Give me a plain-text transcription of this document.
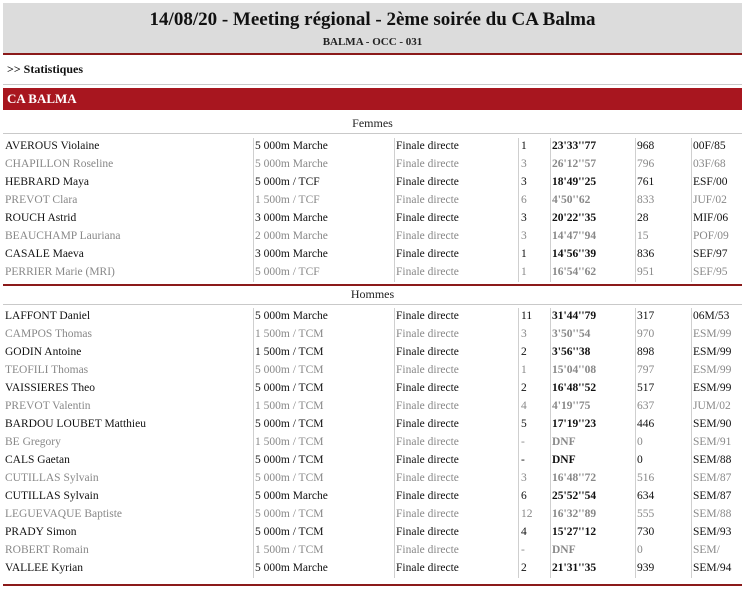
14/08/20 - Meeting régional - 2ème soirée du CA Balma
BALMA - OCC - 031
>> Statistiques
CA BALMA
Femmes
AVEROUS Violaine	5 000m Marche	Finale directe	1	23'33''77	968	00F/85
CHAPILLON Roseline	5 000m Marche	Finale directe	3	26'12''57	796	03F/68
HEBRARD Maya	5 000m / TCF	Finale directe	3	18'49''25	761	ESF/00
PREVOT Clara	1 500m / TCF	Finale directe	6	4'50''62	833	JUF/02
ROUCH Astrid	3 000m Marche	Finale directe	3	20'22''35	28	MIF/06
BEAUCHAMP Lauriana	2 000m Marche	Finale directe	3	14'47''94	15	POF/09
CASALE Maeva	3 000m Marche	Finale directe	1	14'56''39	836	SEF/97
PERRIER Marie (MRI)	5 000m / TCF	Finale directe	1	16'54''62	951	SEF/95
Hommes
LAFFONT Daniel	5 000m Marche	Finale directe	11	31'44''79	317	06M/53
CAMPOS Thomas	1 500m / TCM	Finale directe	3	3'50''54	970	ESM/99
GODIN Antoine	1 500m / TCM	Finale directe	2	3'56''38	898	ESM/99
TEOFILI Thomas	5 000m / TCM	Finale directe	1	15'04''08	797	ESM/99
VAISSIERES Theo	5 000m / TCM	Finale directe	2	16'48''52	517	ESM/99
PREVOT Valentin	1 500m / TCM	Finale directe	4	4'19''75	637	JUM/02
BARDOU LOUBET Matthieu	5 000m / TCM	Finale directe	5	17'19''23	446	SEM/90
BE Gregory	1 500m / TCM	Finale directe	-	DNF	0	SEM/91
CALS Gaetan	5 000m / TCM	Finale directe	-	DNF	0	SEM/88
CUTILLAS Sylvain	5 000m / TCM	Finale directe	3	16'48''72	516	SEM/87
CUTILLAS Sylvain	5 000m Marche	Finale directe	6	25'52''54	634	SEM/87
LEGUEVAQUE Baptiste	5 000m / TCM	Finale directe	12	16'32''89	555	SEM/88
PRADY Simon	5 000m / TCM	Finale directe	4	15'27''12	730	SEM/93
ROBERT Romain	1 500m / TCM	Finale directe	-	DNF	0	SEM/
VALLEE Kyrian	5 000m Marche	Finale directe	2	21'31''35	939	SEM/94
